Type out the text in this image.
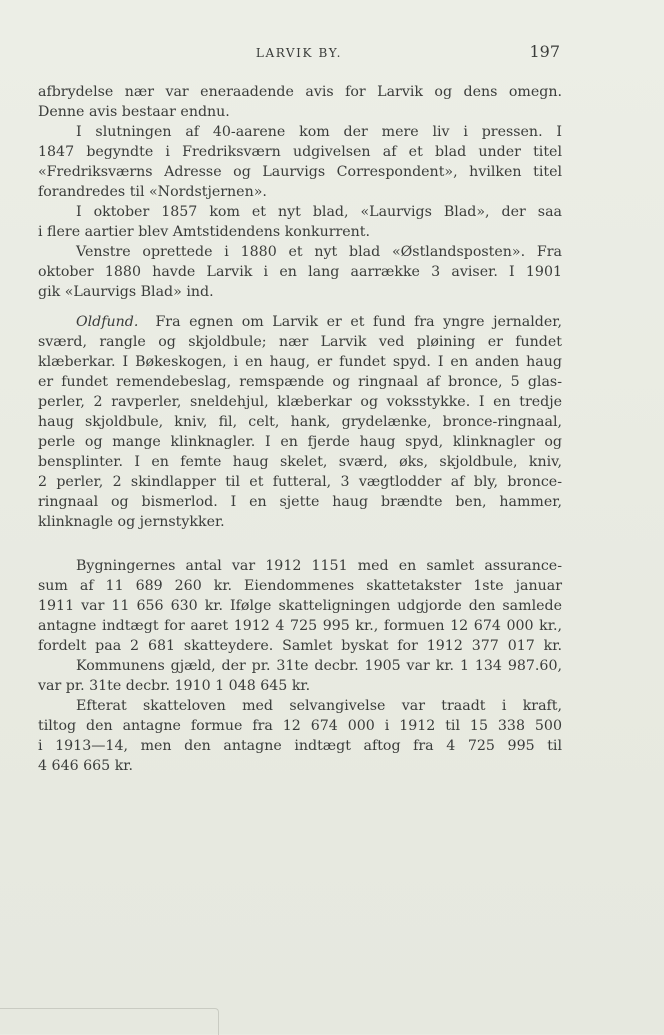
LARVIK BY.	197
afbrydelse nær var eneraadende avis for Larvik og dens omegn.
Denne avis bestaar endnu.
I slutningen af 40-aarene kom der mere liv i pressen. I
1847 begyndte i Fredriksværn udgivelsen af et blad under titel
«Fredriksværns Adresse og Laurvigs Correspondent», hvilken titel
forandredes til «Nordstjernen».
I oktober 1857 kom et nyt blad, «Laurvigs Blad», der saa
i flere aartier blev Amtstidendens konkurrent.
Venstre oprettede i 1880 et nyt blad «Østlandsposten». Fra
oktober 1880 havde Larvik i en lang aarrække 3 aviser. I 1901
gik «Laurvigs Blad» ind.
Oldfund. Fra egnen om Larvik er et fund fra yngre jernalder,
sværd, rangle og skjoldbule; nær Larvik ved pløining er fundet
klæberkar. I Bøkeskogen, i en haug, er fundet spyd. I en anden haug
er fundet remendebeslag, remspænde og ringnaal af bronce, 5 glas-
perler, 2 ravperler, sneldehjul, klæberkar og voksstykke. I en tredje
haug skjoldbule, kniv, fil, celt, hank, grydelænke, bronce-ringnaal,
perle og mange klinknagler. I en fjerde haug spyd, klinknagler og
bensplinter. I en femte haug skelet, sværd, øks, skjoldbule, kniv,
2 perler, 2 skindlapper til et futteral, 3 vægtlodder af bly, bronce-
ringnaal og bismerlod. I en sjette haug brændte ben, hammer,
klinknagle og jernstykker.
Bygningernes antal var 1912 1151 med en samlet assurance-
sum af 11 689 260 kr. Eiendommenes skattetakster 1ste januar
1911 var 11 656 630 kr. Ifølge skatteligningen udgjorde den samlede
antagne indtægt for aaret 1912 4 725 995 kr., formuen 12 674 000 kr.,
fordelt paa 2 681 skatteydere. Samlet byskat for 1912 377 017 kr.
Kommunens gjæld, der pr. 31te decbr. 1905 var kr. 1 134 987.60,
var pr. 31te decbr. 1910 1 048 645 kr.
Efterat skatteloven med selvangivelse var traadt i kraft,
tiltog den antagne formue fra 12 674 000 i 1912 til 15 338 500
i 1913—14, men den antagne indtægt aftog fra 4 725 995 til
4 646 665 kr.
